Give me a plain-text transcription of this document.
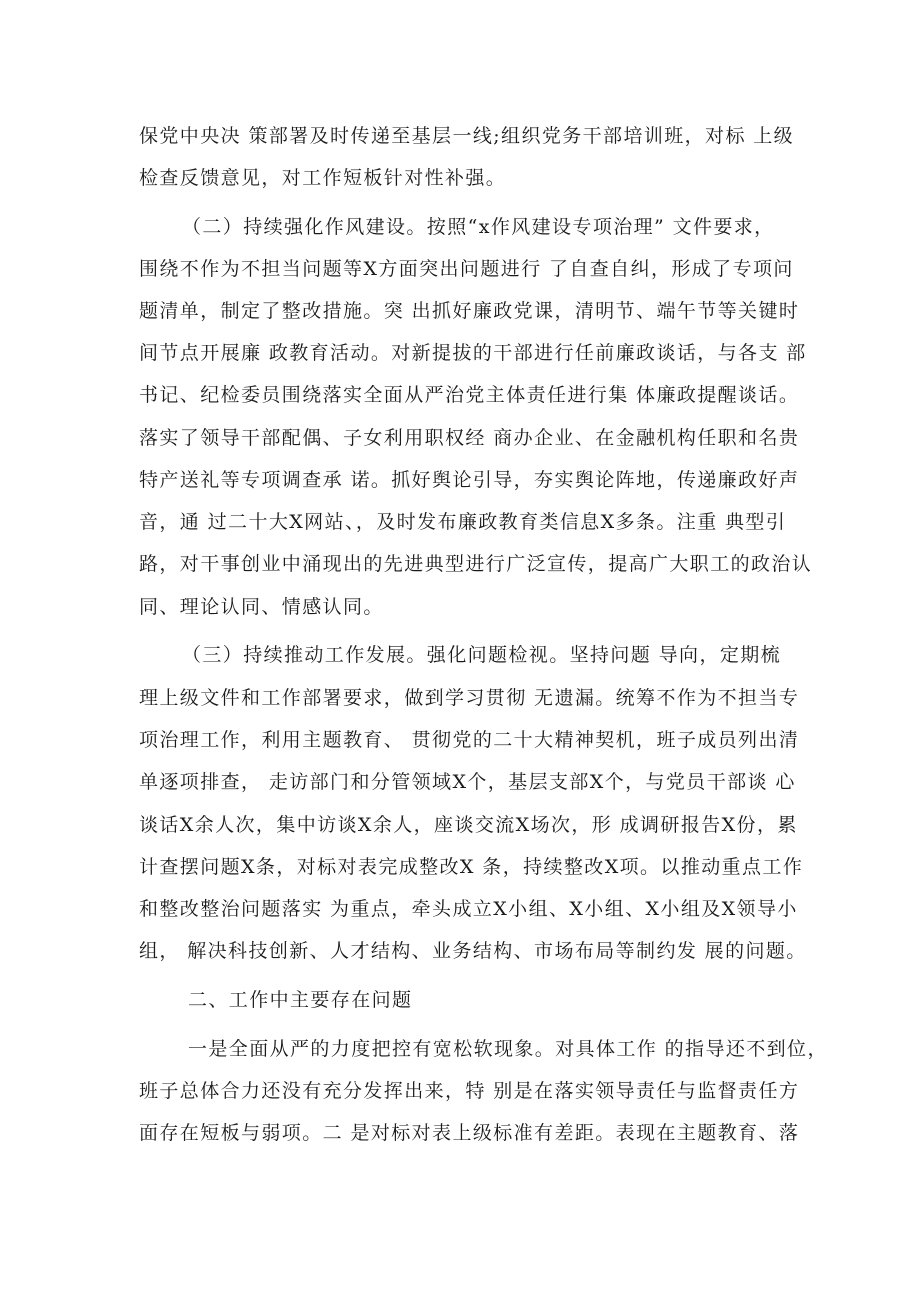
保党中央决 策部署及时传递至基层一线;组织党务干部培训班，对标 上级
检查反馈意见，对工作短板针对性补强。
（二）持续强化作风建设。按照“x作风建设专项治理” 文件要求，
围绕不作为不担当问题等X方面突出问题进行 了自查自纠，形成了专项问
题清单，制定了整改措施。突 出抓好廉政党课，清明节、端午节等关键时
间节点开展廉 政教育活动。对新提拔的干部进行任前廉政谈话，与各支 部
书记、纪检委员围绕落实全面从严治党主体责任进行集 体廉政提醒谈话。
落实了领导干部配偶、子女利用职权经 商办企业、在金融机构任职和名贵
特产送礼等专项调查承 诺。抓好舆论引导，夯实舆论阵地，传递廉政好声
音，通 过二十大X网站、，及时发布廉政教育类信息X多条。注重 典型引
路，对干事创业中涌现出的先进典型进行广泛宣传，提高广大职工的政治认
同、理论认同、情感认同。
（三）持续推动工作发展。强化问题检视。坚持问题 导向，定期梳
理上级文件和工作部署要求，做到学习贯彻 无遗漏。统筹不作为不担当专
项治理工作，利用主题教育、 贯彻党的二十大精神契机，班子成员列出清
单逐项排查， 走访部门和分管领域X个，基层支部X个，与党员干部谈 心
谈话X余人次，集中访谈X余人，座谈交流X场次，形 成调研报告X份，累
计查摆问题X条，对标对表完成整改X 条，持续整改X项。以推动重点工作
和整改整治问题落实 为重点，牵头成立X小组、X小组、X小组及X领导小
组， 解决科技创新、人才结构、业务结构、市场布局等制约发 展的问题。
二、工作中主要存在问题
一是全面从严的力度把控有宽松软现象。对具体工作 的指导还不到位，
班子总体合力还没有充分发挥出来，特 别是在落实领导责任与监督责任方
面存在短板与弱项。二 是对标对表上级标准有差距。表现在主题教育、落
